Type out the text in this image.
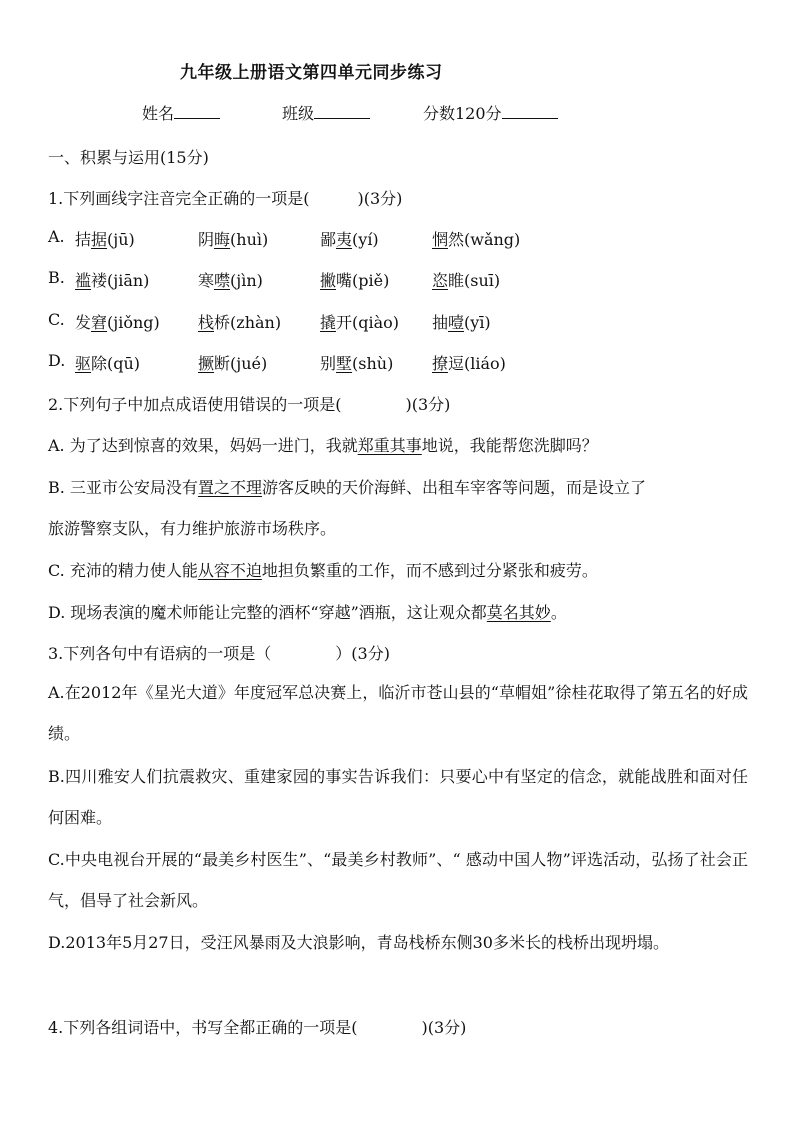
九年级上册语文第四单元同步练习
姓名	班级	分数120分
一、积累与运用(15分)
1.下列画线字注音完全正确的一项是(　　　)(3分)
A. 拮据(jū)	阴晦(huì)	鄙夷(yí)	惘然(wǎng)
B. 褴褛(jiān)	寒噤(jìn)	撇嘴(piě)	恣睢(suī)
C. 发窘(jiǒng) 栈桥(zhàn) 撬开(qiào) 抽噎(yī)
D. 驱除(qū)	撅断(jué)	别墅(shù) 撩逗(liáo)
2.下列句子中加点成语使用错误的一项是(　　　　)(3分)
A. 为了达到惊喜的效果，妈妈一进门，我就郑重其事地说，我能帮您洗脚吗？
B. 三亚市公安局没有置之不理游客反映的天价海鲜、出租车宰客等问题，而是设立了
旅游警察支队，有力维护旅游市场秩序。
C. 充沛的精力使人能从容不迫地担负繁重的工作，而不感到过分紧张和疲劳。
D. 现场表演的魔术师能让完整的酒杯“穿越”酒瓶，这让观众都莫名其妙。
3.下列各句中有语病的一项是（　　　　）(3分)
A.在2012年《星光大道》年度冠军总决赛上，临沂市苍山县的“草帽姐”徐桂花取得了第五名的好成绩。
B.四川雅安人们抗震救灾、重建家园的事实告诉我们：只要心中有坚定的信念，就能战胜和面对任何困难。
C.中央电视台开展的“最美乡村医生”、“最美乡村教师”、“ 感动中国人物”评选活动，弘扬了社会正气，倡导了社会新风。
D.2013年5月27日，受汪风暴雨及大浪影响，青岛栈桥东侧30多米长的栈桥出现坍塌。
4.下列各组词语中，书写全都正确的一项是(　　　　)(3分)
